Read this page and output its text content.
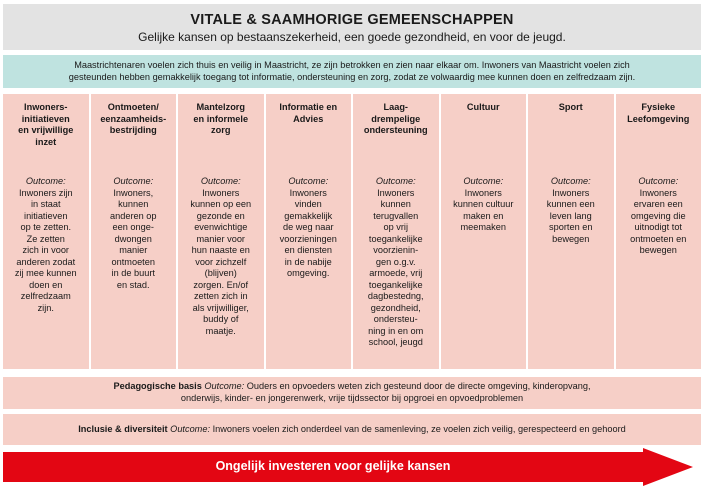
VITALE & SAAMHORIGE GEMEENSCHAPPEN
Gelijke kansen op bestaanszekerheid, een goede gezondheid, en voor de jeugd.
Maastrichtenaren voelen zich thuis en veilig in Maastricht, ze zijn betrokken en zien naar elkaar om. Inwoners van Maastricht voelen zich
gesteunden hebben gemakkelijk toegang tot informatie, ondersteuning en zorg, zodat ze volwaardig mee kunnen doen en zelfredzaam zijn.
Inwoners-
initiatieven
en vrijwillige
inzet
Outcome:
Inwoners zijn
in staat
initiatieven
op te zetten.
Ze zetten
zich in voor
anderen zodat
zij mee kunnen
doen en
zelfredzaam
zijn.
Ontmoeten/
eenzaamheids-
bestrijding
Outcome:
Inwoners,
kunnen
anderen op
een onge-
dwongen
manier
ontmoeten
in de buurt
en stad.
Mantelzorg
en informele
zorg
Outcome:
Inwoners
kunnen op een
gezonde en
evenwichtige
manier voor
hun naaste en
voor zichzelf
(blijven)
zorgen. En/of
zetten zich in
als vrijwilliger,
buddy of
maatje.
Informatie en
Advies
Outcome:
Inwoners
vinden
gemakkelijk
de weg naar
voorzieningen
en diensten
in de nabije
omgeving.
Laag-
drempelige
ondersteuning
Outcome:
Inwoners
kunnen
terugvallen
op vrij
toegankelijke
voorzienin-
gen o.g.v.
armoede, vrij
toegankelijke
dagbestedng,
gezondheid,
ondersteu-
ning in en om
school, jeugd
Cultuur
Outcome:
Inwoners
kunnen cultuur
maken en
meemaken
Sport
Outcome:
Inwoners
kunnen een
leven lang
sporten en
bewegen
Fysieke
Leefomgeving
Outcome:
Inwoners
ervaren een
omgeving die
uitnodigt tot
ontmoeten en
bewegen
Pedagogische basis Outcome: Ouders en opvoeders weten zich gesteund door de directe omgeving, kinderopvang,
onderwijs, kinder- en jongerenwerk, vrije tijdssector bij opgroei en opvoedproblemen
Inclusie & diversiteit Outcome: Inwoners voelen zich onderdeel van de samenleving, ze voelen zich veilig, gerespecteerd en gehoord
Ongelijk investeren voor gelijke kansen
